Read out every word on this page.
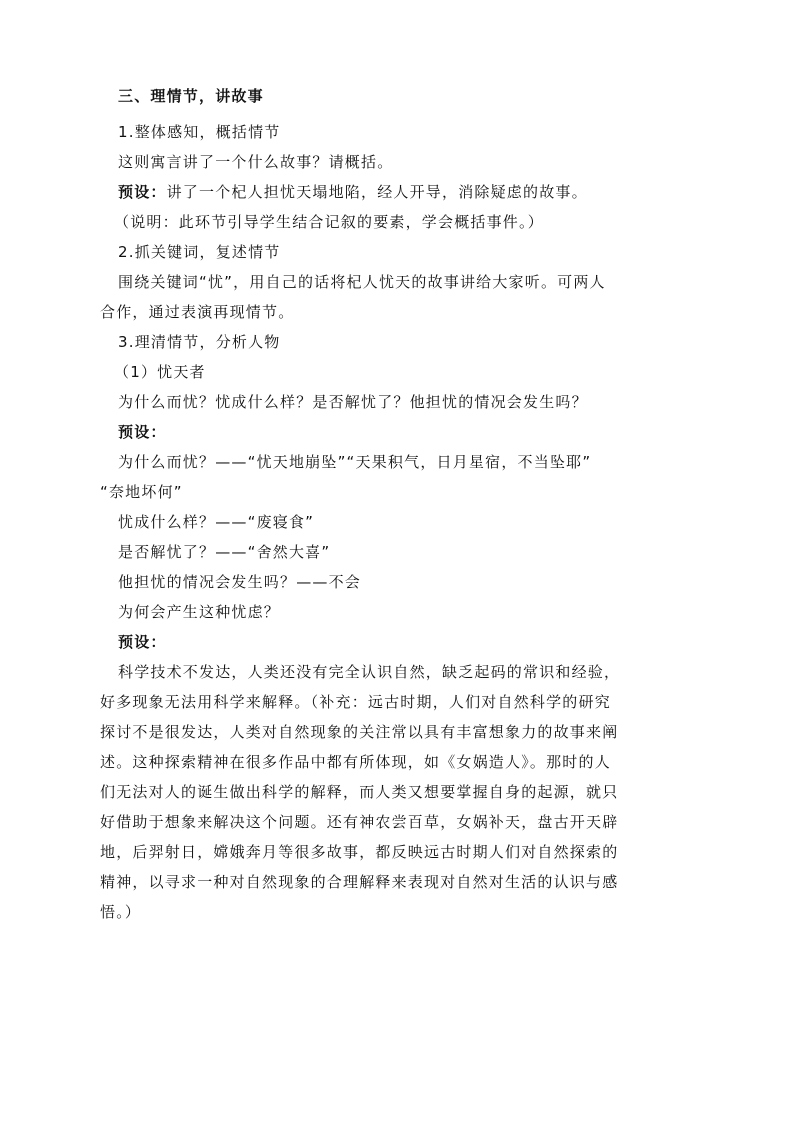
三、理情节，讲故事
1.整体感知，概括情节
这则寓言讲了一个什么故事？请概括。
预设：讲了一个杞人担忧天塌地陷，经人开导，消除疑虑的故事。
（说明：此环节引导学生结合记叙的要素，学会概括事件。）
2.抓关键词，复述情节
围绕关键词“忧”，用自己的话将杞人忧天的故事讲给大家听。可两人
合作，通过表演再现情节。
3.理清情节，分析人物
（1）忧天者
为什么而忧？忧成什么样？是否解忧了？他担忧的情况会发生吗？
预设：
为什么而忧？——“忧天地崩坠”“天果积气，日月星宿，不当坠耶”
“奈地坏何”
忧成什么样？——“废寝食”
是否解忧了？——“舍然大喜”
他担忧的情况会发生吗？——不会
为何会产生这种忧虑？
预设：
科学技术不发达，人类还没有完全认识自然，缺乏起码的常识和经验，
好多现象无法用科学来解释。（补充：远古时期，人们对自然科学的研究
探讨不是很发达，人类对自然现象的关注常以具有丰富想象力的故事来阐
述。这种探索精神在很多作品中都有所体现，如《女娲造人》。那时的人
们无法对人的诞生做出科学的解释，而人类又想要掌握自身的起源，就只
好借助于想象来解决这个问题。还有神农尝百草，女娲补天，盘古开天辟
地，后羿射日，嫦娥奔月等很多故事，都反映远古时期人们对自然探索的
精神，以寻求一种对自然现象的合理解释来表现对自然对生活的认识与感
悟。）
